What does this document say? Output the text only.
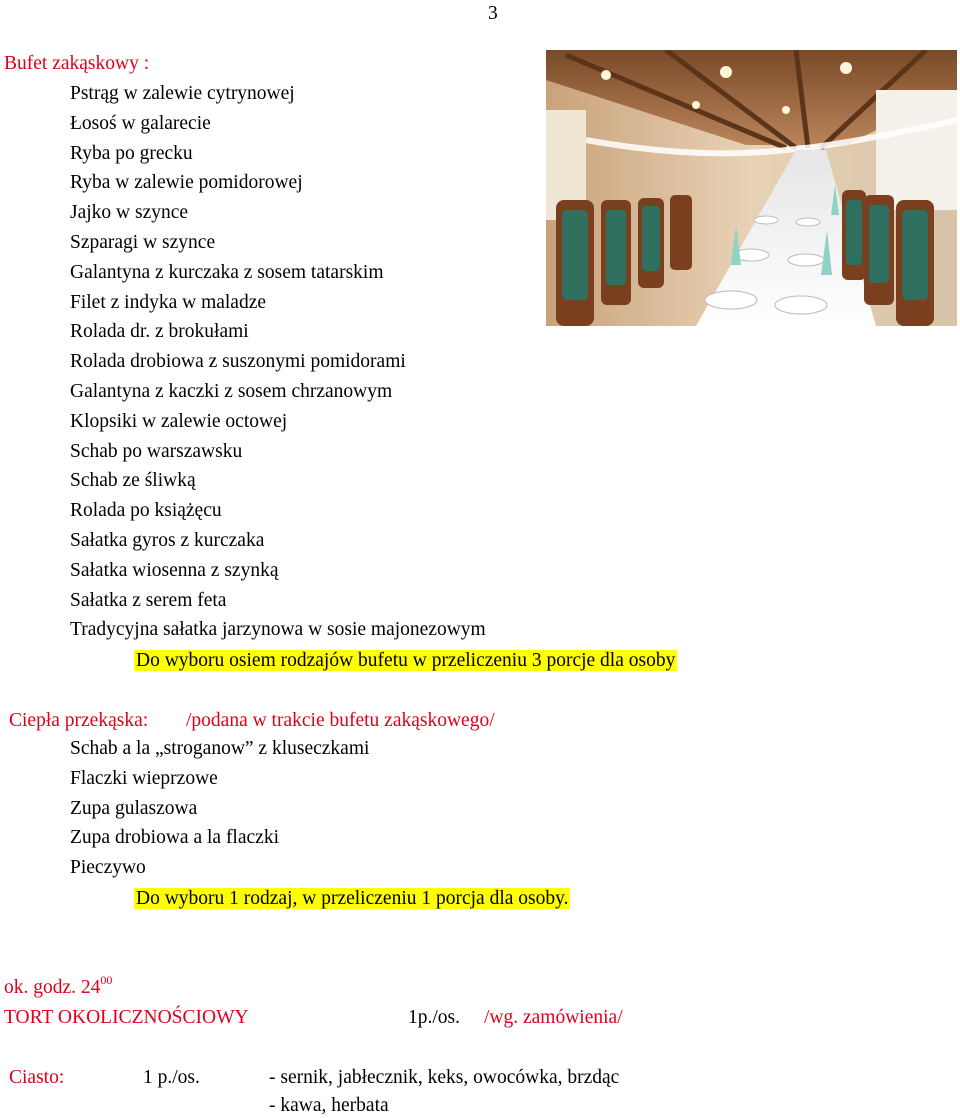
3
Bufet zakąskowy :
Pstrąg w zalewie cytrynowej
Łosoś w galarecie
Ryba po grecku
Ryba w zalewie pomidorowej
Jajko w szynce
Szparagi w szynce
Galantyna z kurczaka z sosem tatarskim
Filet z indyka w maladze
Rolada dr. z brokułami
Rolada drobiowa z suszonymi pomidorami
Galantyna z kaczki z sosem chrzanowym
Klopsiki w zalewie octowej
Schab po warszawsku
Schab ze śliwką
Rolada po książęcu
Sałatka gyros z kurczaka
Sałatka wiosenna z szynką
Sałatka z serem feta
Tradycyjna sałatka jarzynowa w sosie majonezowym
Do wyboru osiem rodzajów bufetu w przeliczeniu 3 porcje dla osoby
Ciepła przekąska: /podana w trakcie bufetu zakąskowego/
Schab a la „stroganow” z kluseczkami
Flaczki wieprzowe
Zupa gulaszowa
Zupa drobiowa a la flaczki
Pieczywo
Do wyboru 1 rodzaj, w przeliczeniu 1 porcja dla osoby.
ok. godz. $24^{00}$
TORT OKOLICZNOŚCIOWY	1p./os. /wg. zamówienia/
Ciasto:	1 p./os.	- sernik, jabłecznik, keks, owocówka, brzdąc
- kawa, herbata
